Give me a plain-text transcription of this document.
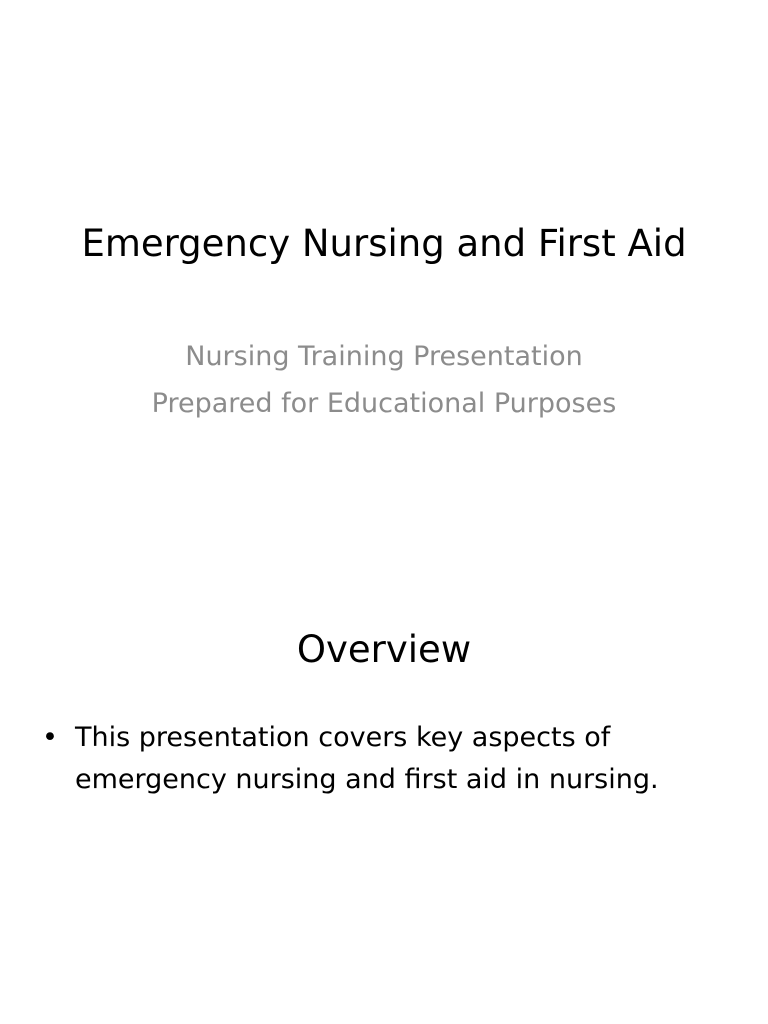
Emergency Nursing and First Aid
Nursing Training Presentation
Prepared for Educational Purposes
Overview
• This presentation covers key aspects of emergency nursing and first aid in nursing.
